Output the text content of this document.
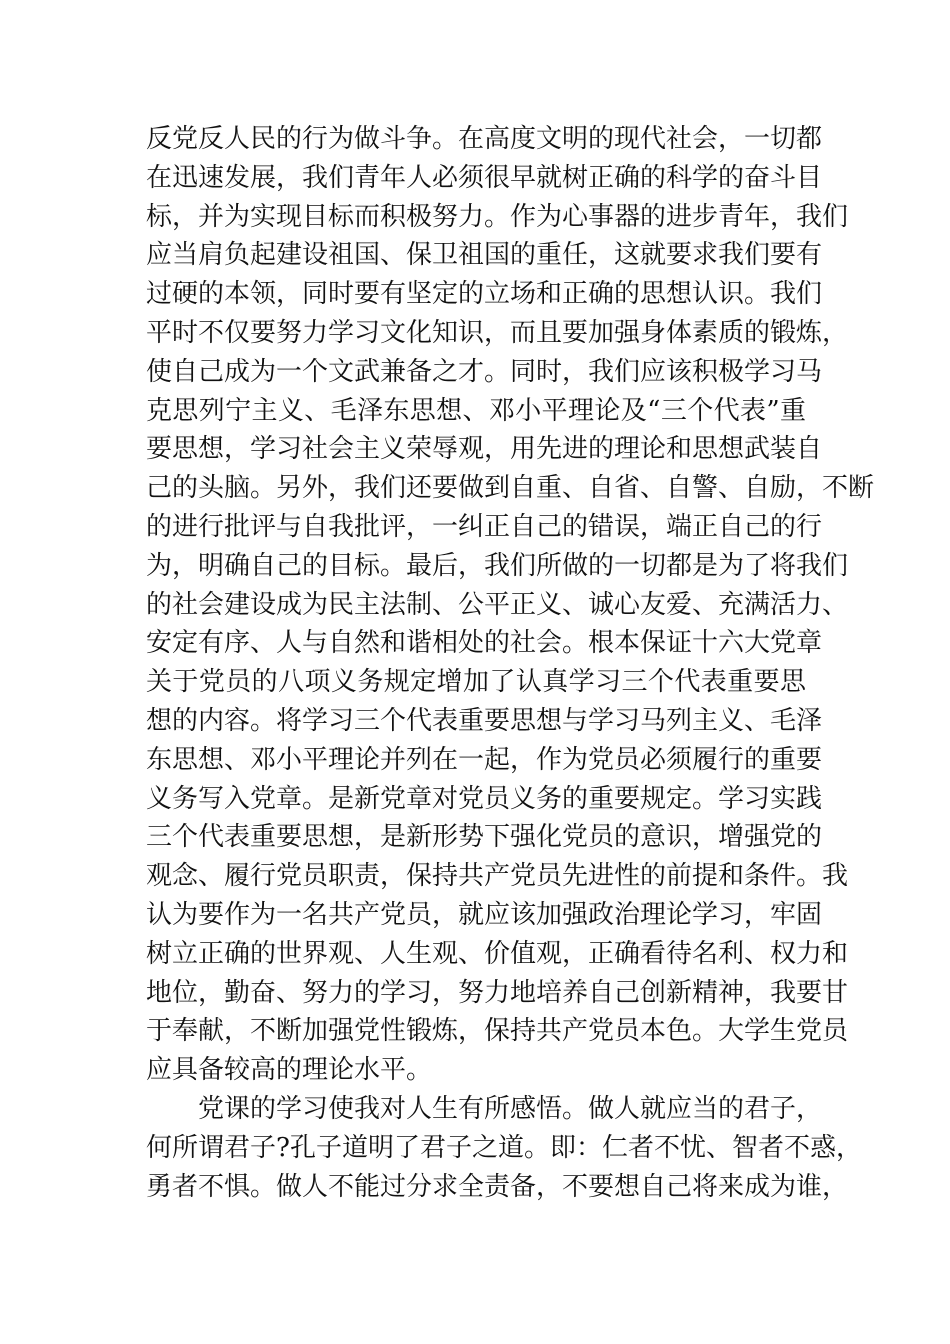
反党反人民的行为做斗争。在高度文明的现代社会，一切都
在迅速发展，我们青年人必须很早就树正确的科学的奋斗目
标，并为实现目标而积极努力。作为心事器的进步青年，我们
应当肩负起建设祖国、保卫祖国的重任，这就要求我们要有
过硬的本领，同时要有坚定的立场和正确的思想认识。我们
平时不仅要努力学习文化知识，而且要加强身体素质的锻炼，
使自己成为一个文武兼备之才。同时，我们应该积极学习马
克思列宁主义、毛泽东思想、邓小平理论及“三个代表”重
要思想，学习社会主义荣辱观，用先进的理论和思想武装自
己的头脑。另外，我们还要做到自重、自省、自警、自励，不断
的进行批评与自我批评，一纠正自己的错误，端正自己的行
为，明确自己的目标。最后，我们所做的一切都是为了将我们
的社会建设成为民主法制、公平正义、诚心友爱、充满活力、
安定有序、人与自然和谐相处的社会。根本保证十六大党章
关于党员的八项义务规定增加了认真学习三个代表重要思
想的内容。将学习三个代表重要思想与学习马列主义、毛泽
东思想、邓小平理论并列在一起，作为党员必须履行的重要
义务写入党章。是新党章对党员义务的重要规定。学习实践
三个代表重要思想，是新形势下强化党员的意识，增强党的
观念、履行党员职责，保持共产党员先进性的前提和条件。我
认为要作为一名共产党员，就应该加强政治理论学习，牢固
树立正确的世界观、人生观、价值观，正确看待名利、权力和
地位，勤奋、努力的学习，努力地培养自己创新精神，我要甘
于奉献，不断加强党性锻炼，保持共产党员本色。大学生党员
应具备较高的理论水平。
党课的学习使我对人生有所感悟。做人就应当的君子，
何所谓君子?孔子道明了君子之道。即：仁者不忧、智者不惑，
勇者不惧。做人不能过分求全责备，不要想自己将来成为谁，
